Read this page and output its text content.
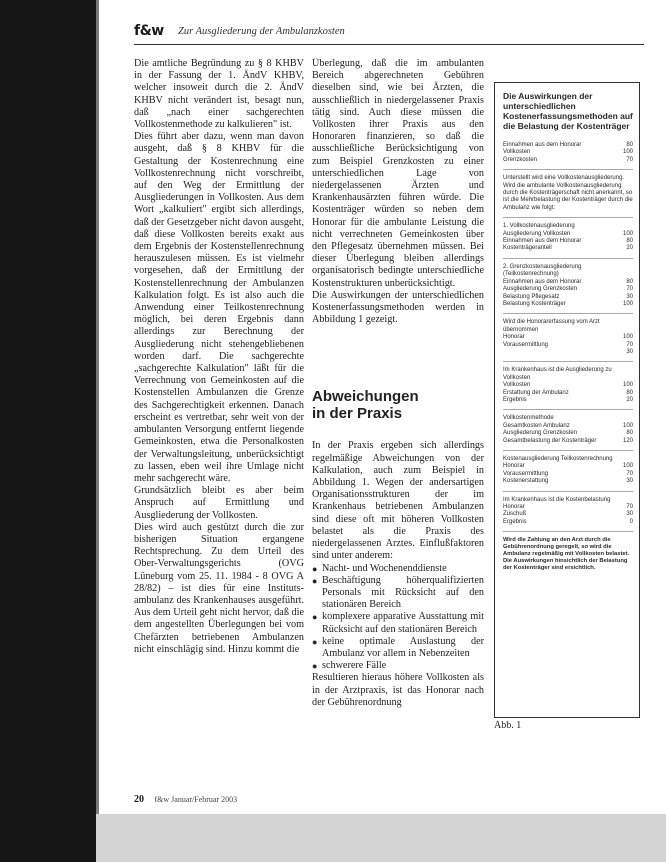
f&w Zur Ausgliederung der Ambulanzkosten

Die amtliche Begründung zu § 8 KHBV in der Fassung der 1. ÄndV KHBV, welcher insoweit durch die 2. ÄndV KHBV nicht verändert ist, besagt nun, daß „nach einer sachgerechten Vollkostenmethode zu kalkulieren" ist.

Dies führt aber dazu, wenn man davon ausgeht, daß § 8 KHBV für die Gestaltung der Kostenrechnung eine Vollkostenrechnung nicht vorschreibt, auf den Weg der Ermittlung der Ausgliederungen in Vollkosten. Aus dem Wort „kalkuliert" ergibt sich allerdings, daß der Gesetzgeber nicht davon ausgeht, daß diese Vollkosten bereits exakt aus dem Ergebnis der Kostenstellenrechnung herauszulesen müssen. Es ist vielmehr vorgesehen, daß der Ermittlung der Kostenstellenrechnung der Ambulanzen Kalkulation folgt. Es ist also auch die Anwendung einer Teilkostenrechnung möglich, bei deren Ergebnis dann allerdings zur Berechnung der Ausgliederung nicht stehengebliebenen worden darf. Die sachgerechte „sachgerechte Kalkulation" läßt für die Verrechnung von Gemeinkosten auf die Kostenstellen Ambulanzen die Grenze des Sachgerechtigkeit erkennen. Danach erscheint es vertretbar, sehr weit von der ambulanten Versorgung entfernt liegende Gemeinkosten, etwa die Personalkosten der Verwaltungsleitung, unberücksichtigt zu lassen, eben weil ihre Umlage nicht mehr sachgerecht wäre.

Grundsätzlich bleibt es aber beim Anspruch auf Ermittlung und Ausgliederung der Vollkosten.

Dies wird auch gestützt durch die zur bisherigen Situation ergangene Rechtsprechung. Zu dem Urteil des Ober-Verwaltungsgerichts (OVG Lüneburg vom 25. 11. 1984 - 8 OVG A 28/82) – ist dies für eine Institutsambulanz des Krankenhauses ausgeführt. Aus dem Urteil geht nicht hervor, daß die dem angestellten Überlegungen bei vom Chefärzten betriebenen Ambulanzen nicht einschlägig sind. Hinzu kommt die

Überlegung, daß die im ambulanten Bereich abgerechneten Gebühren dieselben sind, wie bei Ärzten, die ausschließlich in niedergelassener Praxis tätig sind. Auch diese müssen die Vollkosten ihrer Praxis aus den Honoraren finanzieren, so daß die ausschließliche Berücksichtigung von zum Beispiel Grenzkosten zu einer unterschiedlichen Lage von niedergelassenen Ärzten und Krankenhausärzten führen würde. Die Kostenträger würden so neben dem Honorar für die ambulante Leistung die nicht verrechneten Gemeinkosten über den Pflegesatz übernehmen müssen. Bei dieser Überlegung bleiben allerdings organisatorisch bedingte unterschiedliche Kostenstrukturen unberücksichtigt.

Die Auswirkungen der unterschiedlichen Kostenerfassungsmethoden werden in Abbildung 1 gezeigt.

Abweichungen
in der Praxis

In der Praxis ergeben sich allerdings regelmäßige Abweichungen von der Kalkulation, auch zum Beispiel in Abbildung 1. Wegen der andersartigen Organisationsstrukturen der im Krankenhaus betriebenen Ambulanzen sind diese oft mit höheren Vollkosten belastet als die Praxis des niedergelassenen Arztes. Einflußfaktoren sind unter anderem:

● Nacht- und Wochenenddienste
● Beschäftigung höherqualifizierten Personals mit Rücksicht auf den stationären Bereich
● komplexere apparative Ausstattung mit Rücksicht auf den stationären Bereich
● keine optimale Auslastung der Ambulanz vor allem in Nebenzeiten
● schwerere Fälle

Resultieren hieraus höhere Vollkosten als in der Arztpraxis, ist das Honorar nach der Gebührenordnung

Die Auswirkungen der unterschiedlichen Kostenerfassungsmethoden auf die Belastung der Kostenträger
Einnahmen aus dem Honorar	80
Vollkosten	100
Grenzkosten	70
Unterstellt wird eine Vollkostenausgliederung. Wird die ambulante Vollkostenausgliederung durch die Kostenträgerschaft nicht anerkannt, so ist die Mehrbelastung der Kostenträger durch die Ambulanz wie folgt:
1. Vollkostenausgliederung
Ausgliederung Vollkosten	100
Einnahmen aus dem Honorar	80
Kostenträgeranteil	20
2. Grenzkostenausgliederung (Teilkostenrechnung)
Einnahmen aus dem Honorar	80
Ausgliederung Grenzkosten	70
Belastung Pflegesatz	30
Belastung Kostenträger	100
Wird die Honorarerfassung vom Arzt übernommen
Honorar	100
Vorausermittlung	70
30
Im Krankenhaus ist die Ausgliederung zu Vollkosten
Vollkosten	100
Erstattung der Ambulanz	80
Ergebnis	20
Vollkostenmethode
Gesamtkosten Ambulanz	100
Ausgliederung Grenzkosten	80
Gesamtbelastung der Kostenträger	120
Kostenausgliederung Teilkostenrechnung
Honorar	100
Vorausermittlung	70
Kostenerstattung	30
Im Krankenhaus ist die Kostenbelastung
Honorar	70
Zuschuß	30
Ergebnis	0
Wird die Zahlung an den Arzt durch die Gebührenordnung geregelt, so wird die Ambulanz regelmäßig mit Vollkosten belastet. Die Auswirkungen hinsichtlich der Belastung der Kostenträger sind ersichtlich.
Abb. 1
20 f&w Januar/Februar 2003
